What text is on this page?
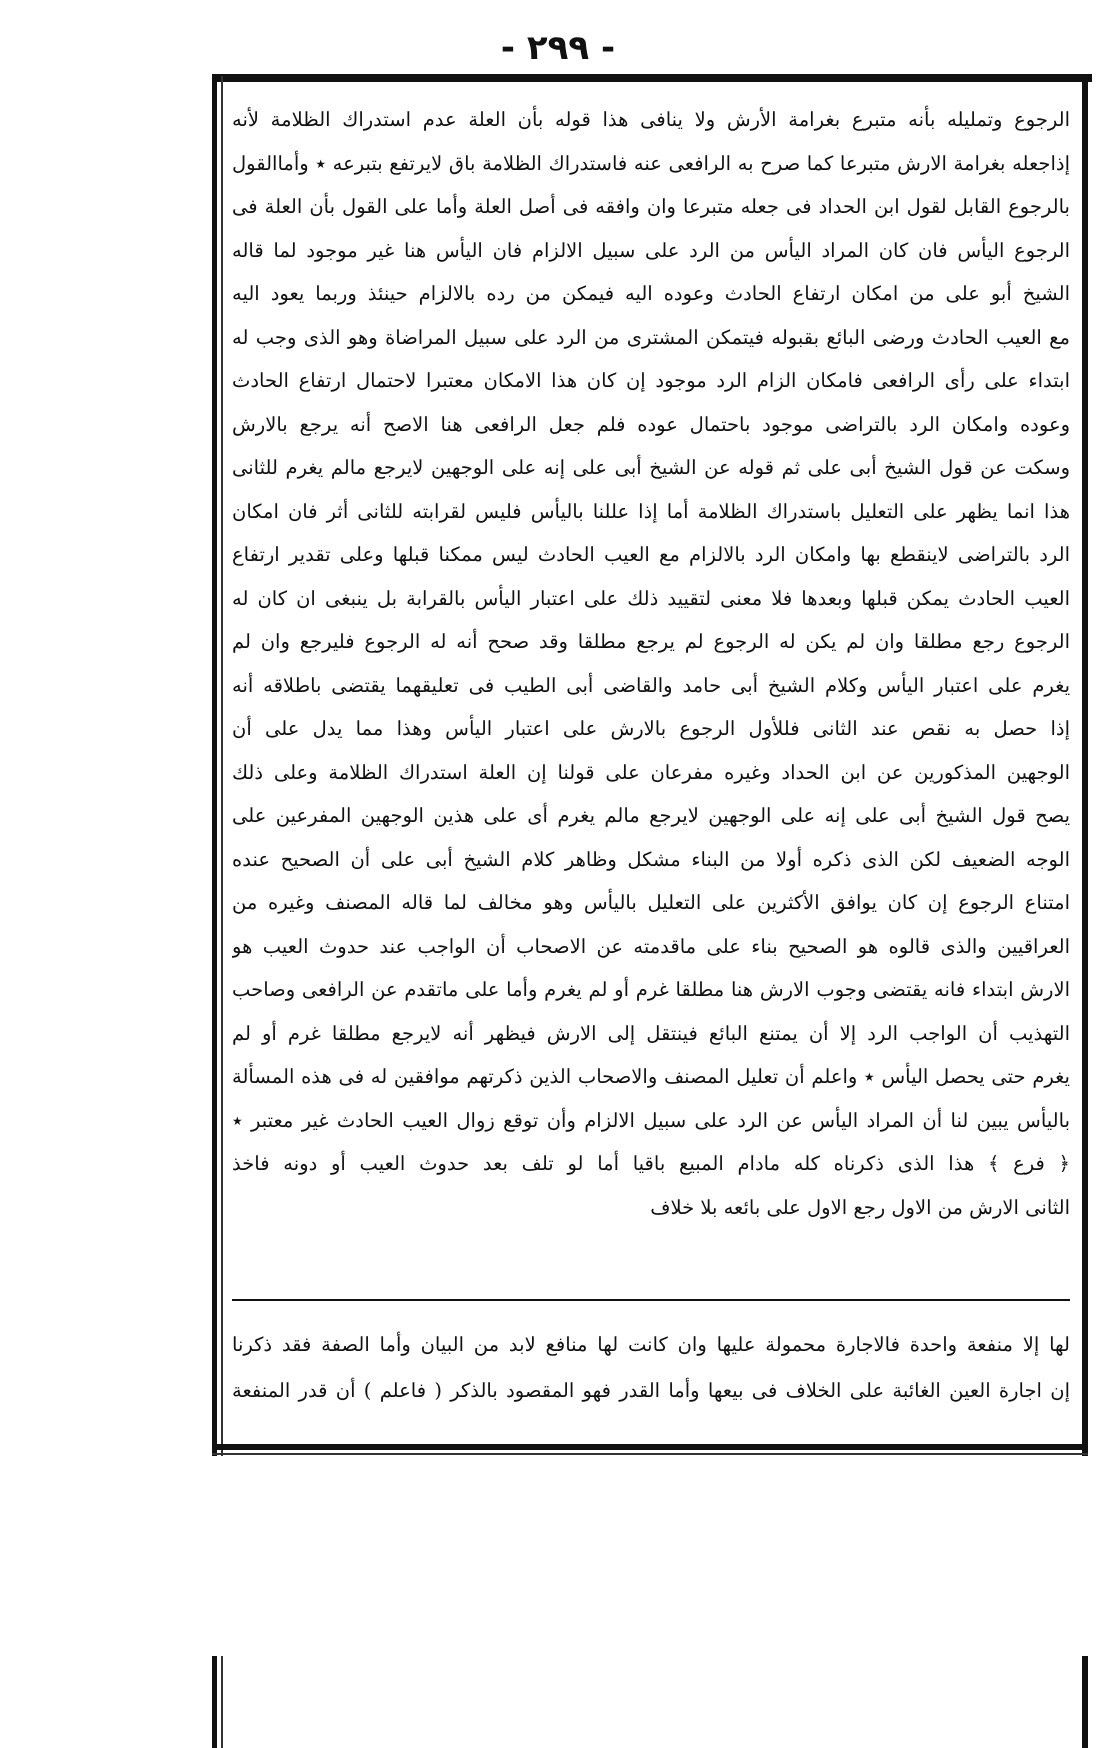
- ٢٩٩ -
الرجوع وتمليله بأنه متبرع بغرامة الأرش ولا ينافى هذا قوله بأن العلة عدم استدراك الظلامة لأنه
إذاجعله بغرامة الارش متبرعا كما صرح به الرافعى عنه فاستدراك الظلامة باق لايرتفع بتبرعه ٭ وأماالقول
بالرجوع القابل لقول ابن الحداد فى جعله متبرعا وان وافقه فى أصل العلة وأما على القول بأن العلة فى
الرجوع اليأس فان كان المراد اليأس من الرد على سبيل الالزام فان اليأس هنا غير موجود لما قاله
الشيخ أبو على من امكان ارتفاع الحادث وعوده اليه فيمكن من رده بالالزام حينئذ وربما يعود اليه
مع العيب الحادث ورضى البائع بقبوله فيتمكن المشترى من الرد على سبيل المراضاة وهو الذى وجب له
ابتداء على رأى الرافعى فامكان الزام الرد موجود إن كان هذا الامكان معتبرا لاحتمال ارتفاع الحادث
وعوده وامكان الرد بالتراضى موجود باحتمال عوده فلم جعل الرافعى هنا الاصح أنه يرجع بالارش
وسكت عن قول الشيخ أبى على ثم قوله عن الشيخ أبى على إنه على الوجهين لايرجع مالم يغرم للثانى
هذا انما يظهر على التعليل باستدراك الظلامة أما إذا عللنا باليأس فليس لقرابته للثانى أثر فان امكان
الرد بالتراضى لاينقطع بها وامكان الرد بالالزام مع العيب الحادث ليس ممكنا قبلها وعلى تقدير ارتفاع
العيب الحادث يمكن قبلها وبعدها فلا معنى لتقييد ذلك على اعتبار اليأس بالقرابة بل ينبغى ان كان له
الرجوع رجع مطلقا وان لم يكن له الرجوع لم يرجع مطلقا وقد صحح أنه له الرجوع فليرجع وان لم
يغرم على اعتبار اليأس وكلام الشيخ أبى حامد والقاضى أبى الطيب فى تعليقهما يقتضى باطلاقه أنه
إذا حصل به نقص عند الثانى فللأول الرجوع بالارش على اعتبار اليأس وهذا مما يدل على أن
الوجهين المذكورين عن ابن الحداد وغيره مفرعان على قولنا إن العلة استدراك الظلامة وعلى ذلك
يصح قول الشيخ أبى على إنه على الوجهين لايرجع مالم يغرم أى على هذين الوجهين المفرعين على
الوجه الضعيف لكن الذى ذكره أولا من البناء مشكل وظاهر كلام الشيخ أبى على أن الصحيح عنده
امتناع الرجوع إن كان يوافق الأكثرين على التعليل باليأس وهو مخالف لما قاله المصنف وغيره من
العراقيين والذى قالوه هو الصحيح بناء على ماقدمته عن الاصحاب أن الواجب عند حدوث العيب هو
الارش ابتداء فانه يقتضى وجوب الارش هنا مطلقا غرم أو لم يغرم وأما على ماتقدم عن الرافعى وصاحب
التهذيب أن الواجب الرد إلا أن يمتنع البائع فينتقل إلى الارش فيظهر أنه لايرجع مطلقا غرم أو لم
يغرم حتى يحصل اليأس ٭ واعلم أن تعليل المصنف والاصحاب الذين ذكرتهم موافقين له فى هذه المسألة
باليأس يبين لنا أن المراد اليأس عن الرد على سبيل الالزام وأن توقع زوال العيب الحادث غير معتبر ٭
﴿ فرع ﴾ هذا الذى ذكرناه كله مادام المبيع باقيا أما لو تلف بعد حدوث العيب أو دونه فاخذ
الثانى الارش من الاول رجع الاول على بائعه بلا خلاف
لها إلا منفعة واحدة فالاجارة محمولة عليها وان كانت لها منافع لابد من البيان وأما الصفة فقد ذكرنا
إن اجارة العين الغائبة على الخلاف فى بيعها وأما القدر فهو المقصود بالذكر ( فاعلم ) أن قدر المنفعة
